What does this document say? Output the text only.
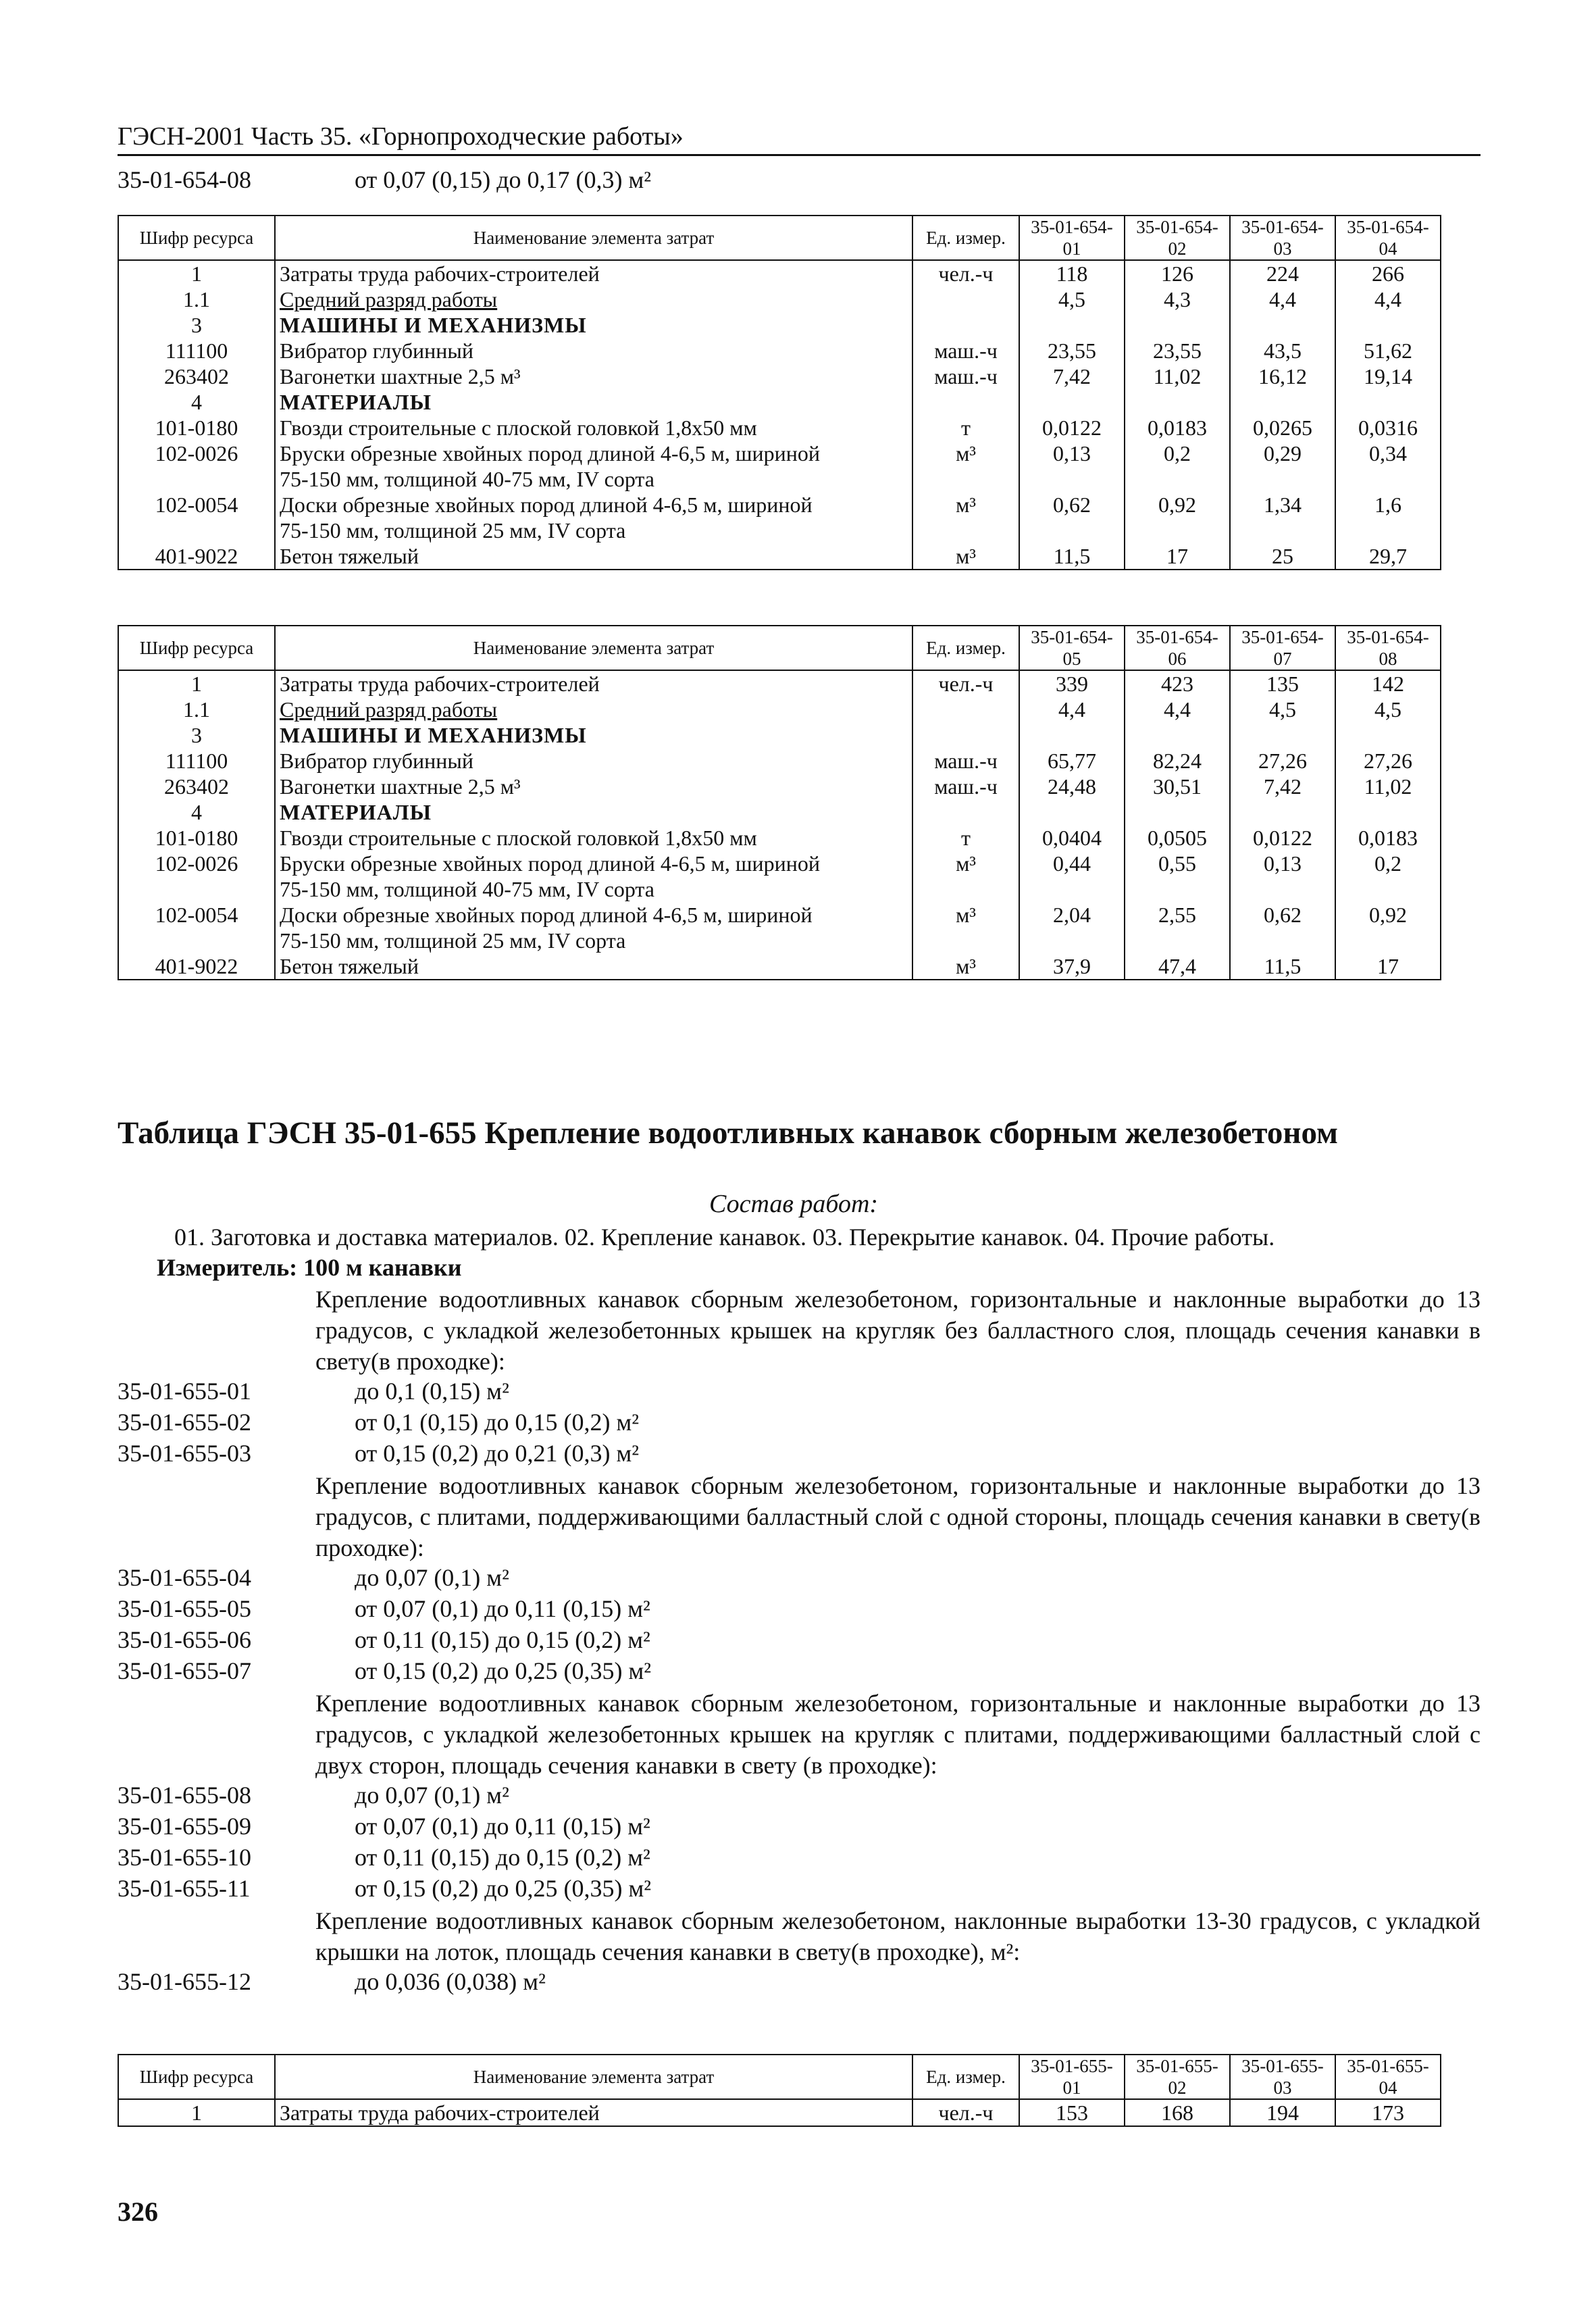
ГЭСН-2001 Часть 35. «Горнопроходческие работы»
35-01-654-08	от 0,07 (0,15) до 0,17 (0,3) м²
Шифр ресурса	Наименование элемента затрат	Ед. измер.	35-01-654-01	35-01-654-02	35-01-654-03	35-01-654-04
1	Затраты труда рабочих-строителей	чел.-ч	118	126	224	266
1.1	Средний разряд работы		4,5	4,3	4,4	4,4
3	МАШИНЫ И МЕХАНИЗМЫ					
111100	Вибратор глубинный	маш.-ч	23,55	23,55	43,5	51,62
263402	Вагонетки шахтные 2,5 м³	маш.-ч	7,42	11,02	16,12	19,14
4	МАТЕРИАЛЫ					
101-0180	Гвозди строительные с плоской головкой 1,8х50 мм	т	0,0122	0,0183	0,0265	0,0316
102-0026	Бруски обрезные хвойных пород длиной 4-6,5 м, шириной	м³	0,13	0,2	0,29	0,34
	75-150 мм, толщиной 40-75 мм, IV сорта					
102-0054	Доски обрезные хвойных пород длиной 4-6,5 м, шириной	м³	0,62	0,92	1,34	1,6
	75-150 мм, толщиной 25 мм, IV сорта					
401-9022	Бетон тяжелый	м³	11,5	17	25	29,7
Шифр ресурса	Наименование элемента затрат	Ед. измер.	35-01-654-05	35-01-654-06	35-01-654-07	35-01-654-08
1	Затраты труда рабочих-строителей	чел.-ч	339	423	135	142
1.1	Средний разряд работы		4,4	4,4	4,5	4,5
3	МАШИНЫ И МЕХАНИЗМЫ					
111100	Вибратор глубинный	маш.-ч	65,77	82,24	27,26	27,26
263402	Вагонетки шахтные 2,5 м³	маш.-ч	24,48	30,51	7,42	11,02
4	МАТЕРИАЛЫ					
101-0180	Гвозди строительные с плоской головкой 1,8х50 мм	т	0,0404	0,0505	0,0122	0,0183
102-0026	Бруски обрезные хвойных пород длиной 4-6,5 м, шириной	м³	0,44	0,55	0,13	0,2
	75-150 мм, толщиной 40-75 мм, IV сорта					
102-0054	Доски обрезные хвойных пород длиной 4-6,5 м, шириной	м³	2,04	2,55	0,62	0,92
	75-150 мм, толщиной 25 мм, IV сорта					
401-9022	Бетон тяжелый	м³	37,9	47,4	11,5	17
Таблица ГЭСН 35-01-655 Крепление водоотливных канавок сборным железобетоном
Состав работ:
01. Заготовка и доставка материалов. 02. Крепление канавок. 03. Перекрытие канавок. 04. Прочие работы.
Измеритель: 100 м канавки
Крепление водоотливных канавок сборным железобетоном, горизонтальные и наклонные выработки до 13 градусов, с укладкой железобетонных крышек на кругляк без балластного слоя, площадь сечения канавки в свету(в проходке):
35-01-655-01	до 0,1 (0,15) м²
35-01-655-02	от 0,1 (0,15) до 0,15 (0,2) м²
35-01-655-03	от 0,15 (0,2) до 0,21 (0,3) м²
Крепление водоотливных канавок сборным железобетоном, горизонтальные и наклонные выработки до 13 градусов, с плитами, поддерживающими балластный слой с одной стороны, площадь сечения канавки в свету(в проходке):
35-01-655-04	до 0,07 (0,1) м²
35-01-655-05	от 0,07 (0,1) до 0,11 (0,15) м²
35-01-655-06	от 0,11 (0,15) до 0,15 (0,2) м²
35-01-655-07	от 0,15 (0,2) до 0,25 (0,35) м²
Крепление водоотливных канавок сборным железобетоном, горизонтальные и наклонные выработки до 13 градусов, с укладкой железобетонных крышек на кругляк с плитами, поддерживающими балластный слой с двух сторон, площадь сечения канавки в свету (в проходке):
35-01-655-08	до 0,07 (0,1) м²
35-01-655-09	от 0,07 (0,1) до 0,11 (0,15) м²
35-01-655-10	от 0,11 (0,15) до 0,15 (0,2) м²
35-01-655-11	от 0,15 (0,2) до 0,25 (0,35) м²
Крепление водоотливных канавок сборным железобетоном, наклонные выработки 13-30 градусов, с укладкой крышки на лоток, площадь сечения канавки в свету(в проходке), м²:
35-01-655-12	до 0,036 (0,038) м²
Шифр ресурса	Наименование элемента затрат	Ед. измер.	35-01-655-01	35-01-655-02	35-01-655-03	35-01-655-04
1	Затраты труда рабочих-строителей	чел.-ч	153	168	194	173
326
